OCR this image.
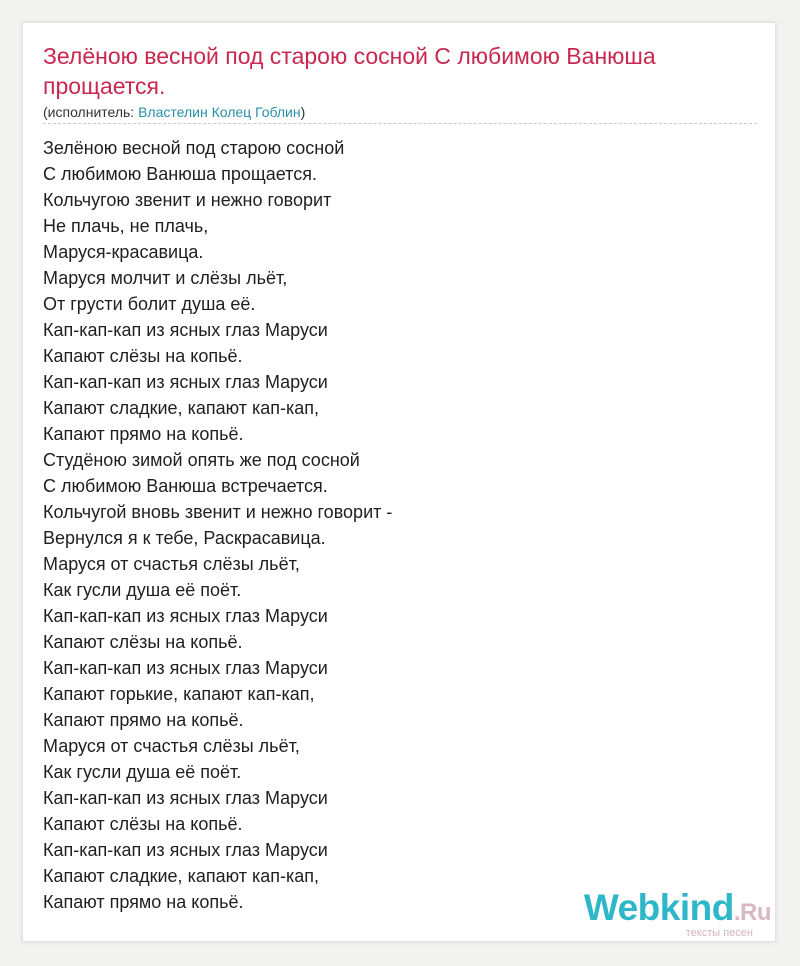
Зелёною весной под старою сосной С любимою Ванюша прощается.
(исполнитель: Властелин Колец Гоблин)
Зелёною весной под старою сосной
С любимою Ванюша прощается.
Кольчугою звенит и нежно говорит
Не плачь, не плачь,
Маруся-красавица.
Маруся молчит и слёзы льёт,
От грусти болит душа её.
Кап-кап-кап из ясных глаз Маруси
Капают слёзы на копьё.
Кап-кап-кап из ясных глаз Маруси
Капают сладкие, капают кап-кап,
Капают прямо на копьё.
Студёною зимой опять же под сосной
С любимою Ванюша встречается.
Кольчугой вновь звенит и нежно говорит -
Вернулся я к тебе, Раскрасавица.
Маруся от счастья слёзы льёт,
Как гусли душа её поёт.
Кап-кап-кап из ясных глаз Маруси
Капают слёзы на копьё.
Кап-кап-кап из ясных глаз Маруси
Капают горькие, капают кап-кап,
Капают прямо на копьё.
Маруся от счастья слёзы льёт,
Как гусли душа её поёт.
Кап-кап-кап из ясных глаз Маруси
Капают слёзы на копьё.
Кап-кап-кап из ясных глаз Маруси
Капают сладкие, капают кап-кап,
Капают прямо на копьё.	Webkind.Ru
тексты песен
